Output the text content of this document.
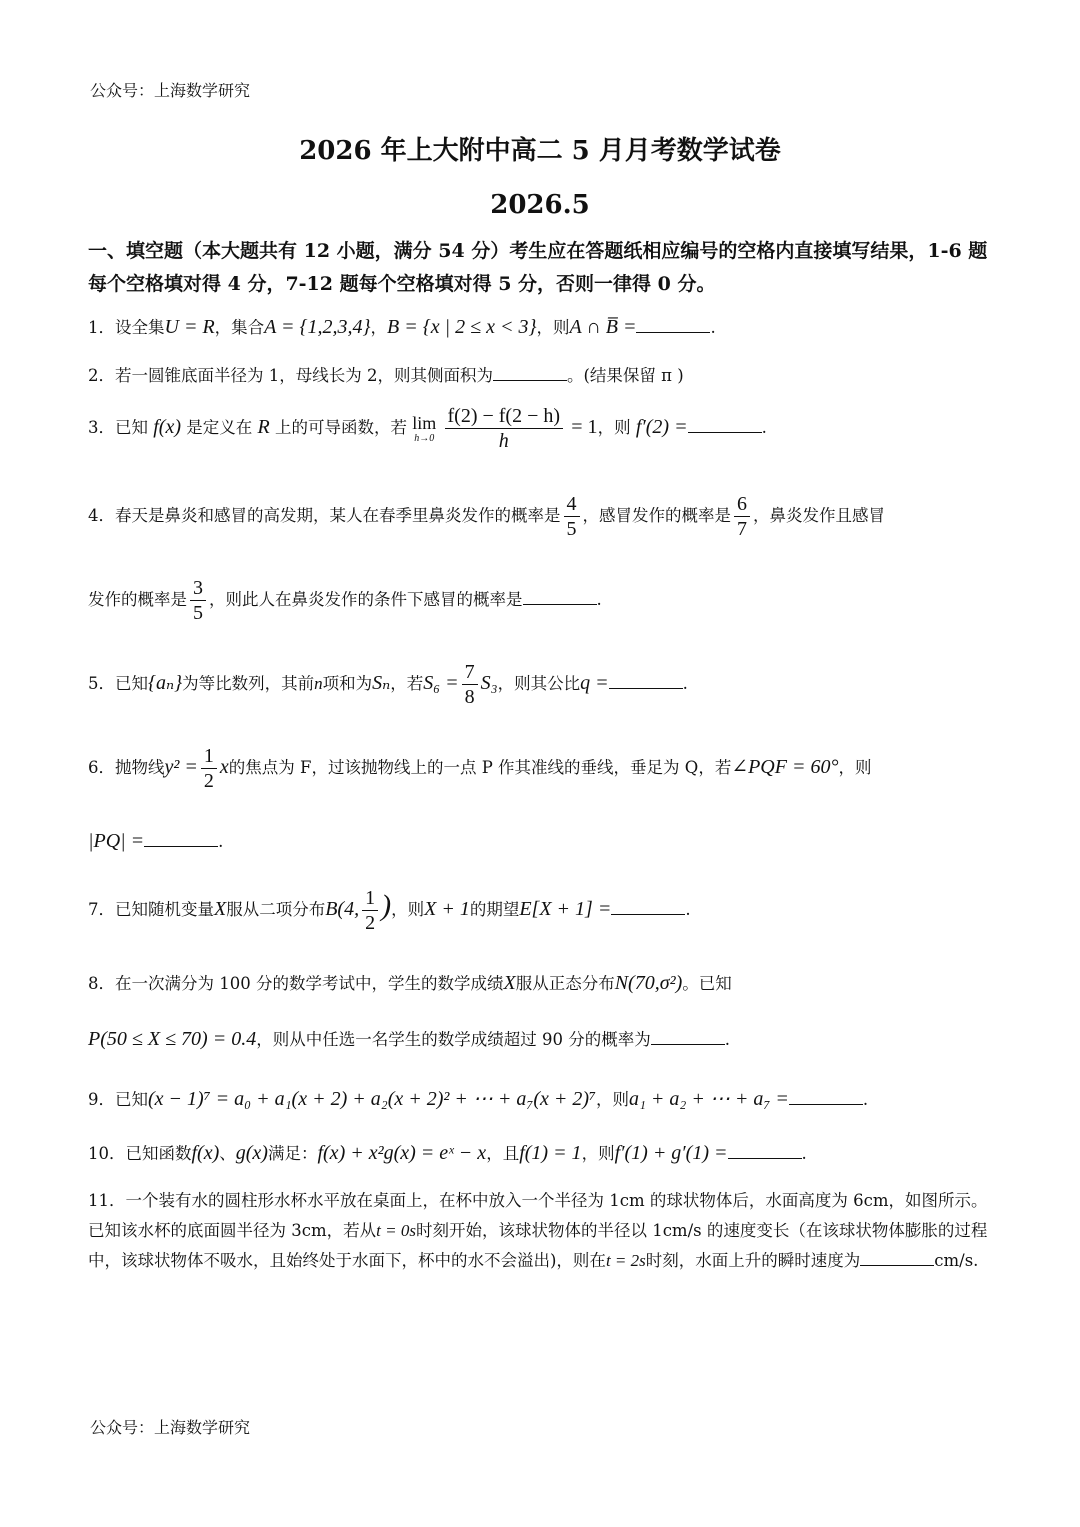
公众号：上海数学研究
2026 年上大附中高二 5 月月考数学试卷
2026.5
一、填空题（本大题共有 12 小题，满分 54 分）考生应在答题纸相应编号的空格内直接填写结果，1-6 题每个空格填对得 4 分，7-12 题每个空格填对得 5 分，否则一律得 0 分。
1．设全集U = R，集合A = {1,2,3,4}，B = {x | 2 ≤ x < 3}，则A ∩ B̅ =	.
2．若一圆锥底面半径为 1，母线长为 2，则其侧面积为	。(结果保留 π )
3．已知 f(x) 是定义在 R 上的可导函数，若 lim
h→0
$\frac{f(2) - f(2 - h)}{h} = 1$，则 f′(2) =	.
4．春天是鼻炎和感冒的高发期，某人在春季里鼻炎发作的概率是 $\frac{4}{5}$ ，感冒发作的概率是 $\frac{6}{7}$ ，鼻炎发作且感冒
发作的概率是 $\frac{3}{5}$ ，则此人在鼻炎发作的条件下感冒的概率是	.
5．已知{aₙ}为等比数列，其前n项和为Sₙ，若$S_6 = \frac{7}{8} S_3$，则其公比q =	.
6．抛物线$y^2 = \frac{1}{2}$ x的焦点为 F，过该抛物线上的一点 P 作其准线的垂线，垂足为 Q，若∠PQF = 60°，则
|PQ| =	.
7．已知随机变量X服从二项分布B(4, $\frac{1}{2}$ )，则X + 1的期望E[X + 1] =	.
8．在一次满分为 100 分的数学考试中，学生的数学成绩X服从正态分布N(70,σ²)。已知
P(50 ≤ X ≤ 70) = 0.4，则从中任选一名学生的数学成绩超过 90 分的概率为	.
9．已知(x − 1)⁷ = a₀ + a₁(x + 2) + a₂(x + 2)² + ⋯ + a₇(x + 2)⁷，则a₁ + a₂ + ⋯ + a₇ =	.
10．已知函数f(x)、g(x)满足：f(x) + x²g(x) = eˣ − x，且f(1) = 1，则f′(1) + g′(1) =	.
11．一个装有水的圆柱形水杯水平放在桌面上，在杯中放入一个半径为 1cm 的球状物体后，水面高度为 6cm，如图所示。已知该水杯的底面圆半径为 3cm，若从t = 0s时刻开始，该球状物体的半径以 1cm/s 的速度变长（在该球状物体膨胀的过程中，该球状物体不吸水，且始终处于水面下，杯中的水不会溢出)，则在t = 2s时刻，水面上升的瞬时速度为	cm/s.
公众号：上海数学研究
